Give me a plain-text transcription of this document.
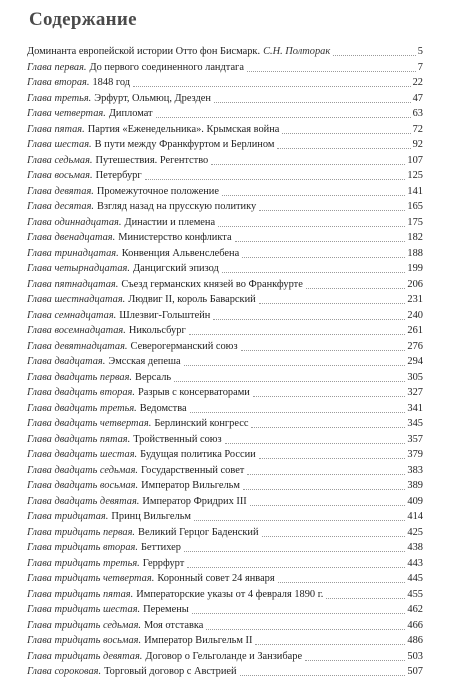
Содержание
Доминанта европейской истории Отто фон Бисмарк. С.Н. Полторак	5
Глава первая. До первого соединенного ландтага	7
Глава вторая. 1848 год	22
Глава третья. Эрфурт, Ольмюц, Дрезден	47
Глава четвертая. Дипломат	63
Глава пятая. Партия «Еженедельника». Крымская война	72
Глава шестая. В пути между Франкфуртом и Берлином	92
Глава седьмая. Путешествия. Регентство	107
Глава восьмая. Петербург	125
Глава девятая. Промежуточное положение	141
Глава десятая. Взгляд назад на прусскую политику	165
Глава одиннадцатая. Династии и племена	175
Глава двенадцатая. Министерство конфликта	182
Глава тринадцатая. Конвенция Альвенслебена	188
Глава четырнадцатая. Данцигский эпизод	199
Глава пятнадцатая. Съезд германских князей во Франкфурте	206
Глава шестнадцатая. Людвиг II, король Баварский	231
Глава семнадцатая. Шлезвиг-Гольштейн	240
Глава восемнадцатая. Никольсбург	261
Глава девятнадцатая. Северогерманский союз	276
Глава двадцатая. Эмсская депеша	294
Глава двадцать первая. Версаль	305
Глава двадцать вторая. Разрыв с консерваторами	327
Глава двадцать третья. Ведомства	341
Глава двадцать четвертая. Берлинский конгресс	345
Глава двадцать пятая. Тройственный союз	357
Глава двадцать шестая. Будущая политика России	379
Глава двадцать седьмая. Государственный совет	383
Глава двадцать восьмая. Император Вильгельм	389
Глава двадцать девятая. Император Фридрих III	409
Глава тридцатая. Принц Вильгельм	414
Глава тридцать первая. Великий Герцог Баденский	425
Глава тридцать вторая. Беттихер	438
Глава тридцать третья. Геррфурт	443
Глава тридцать четвертая. Коронный совет 24 января	445
Глава тридцать пятая. Императорские указы от 4 февраля 1890 г.	455
Глава тридцать шестая. Перемены	462
Глава тридцать седьмая. Моя отставка	466
Глава тридцать восьмая. Император Вильгельм II	486
Глава тридцать девятая. Договор о Гельголанде и Занзибаре	503
Глава сороковая. Торговый договор с Австрией	507
